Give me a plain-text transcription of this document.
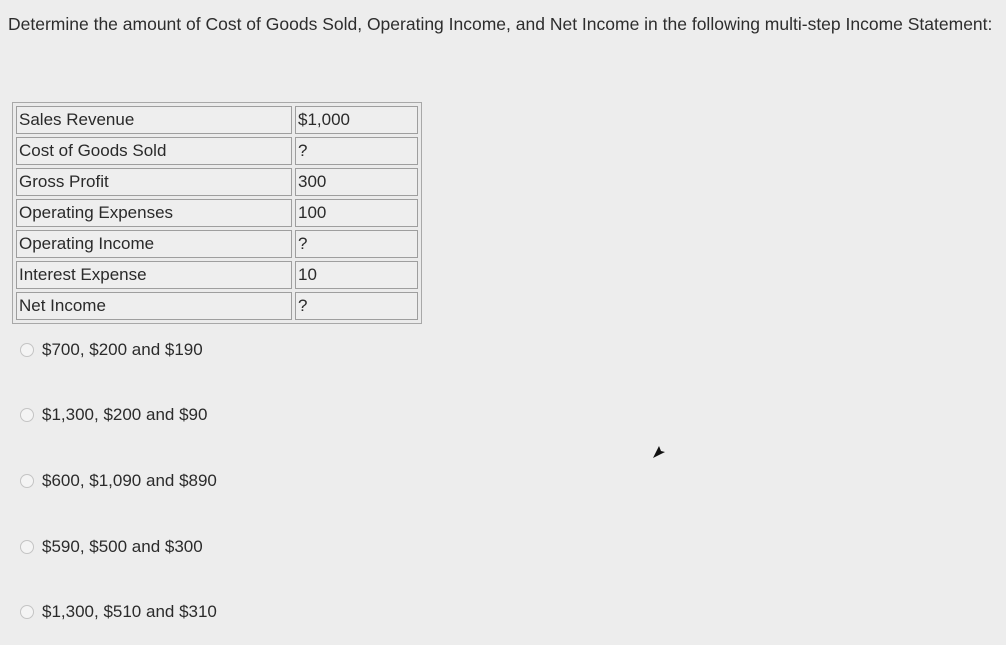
Determine the amount of Cost of Goods Sold, Operating Income, and Net Income in the following multi-step Income Statement:

Sales Revenue	$1,000
Cost of Goods Sold	?
Gross Profit	300
Operating Expenses	100
Operating Income	?
Interest Expense	10
Net Income	?
$700, $200 and $190
$1,300, $200 and $90
$600, $1,090 and $890
$590, $500 and $300
$1,300, $510 and $310
